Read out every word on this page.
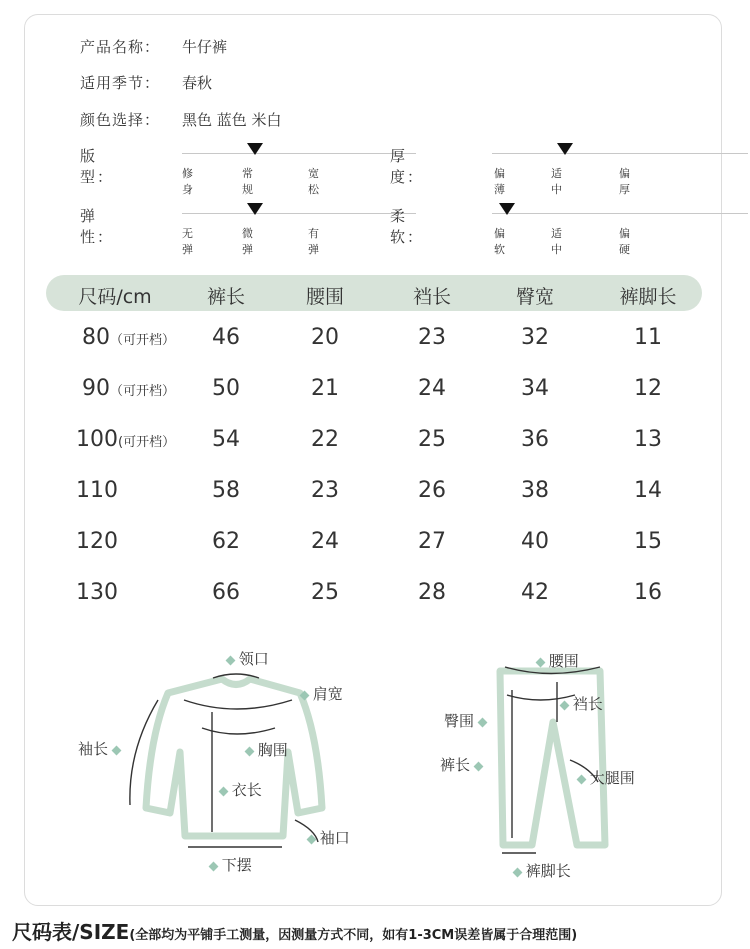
产品名称： 牛仔裤
适用季节： 春秋
颜色选择： 黑色 蓝色 米白
版 型：	修身
常规
宽松
厚 度：	偏薄
适中
偏厚
弹 性：	无弹
微弹
有弹
柔 软：	偏软
适中
偏硬
尺码/cm	裤长	腰围	裆长	臀宽	裤脚长
80（可开档）	46	20	23	32	11
90（可开档）	50	21	24	34	12
100(可开档）	54	22	25	36	13
110	58	23	26	38	14
120	62	24	27	40	15
130	66	25	28	42	16
领口
肩宽
袖长	胸围
衣长
袖口
下摆
腰围
臀围
裆长
裤长
大腿围
裤脚长
尺码表/SIZE(全部均为平铺手工测量，因测量方式不同，如有1-3CM误差皆属于合理范围)
